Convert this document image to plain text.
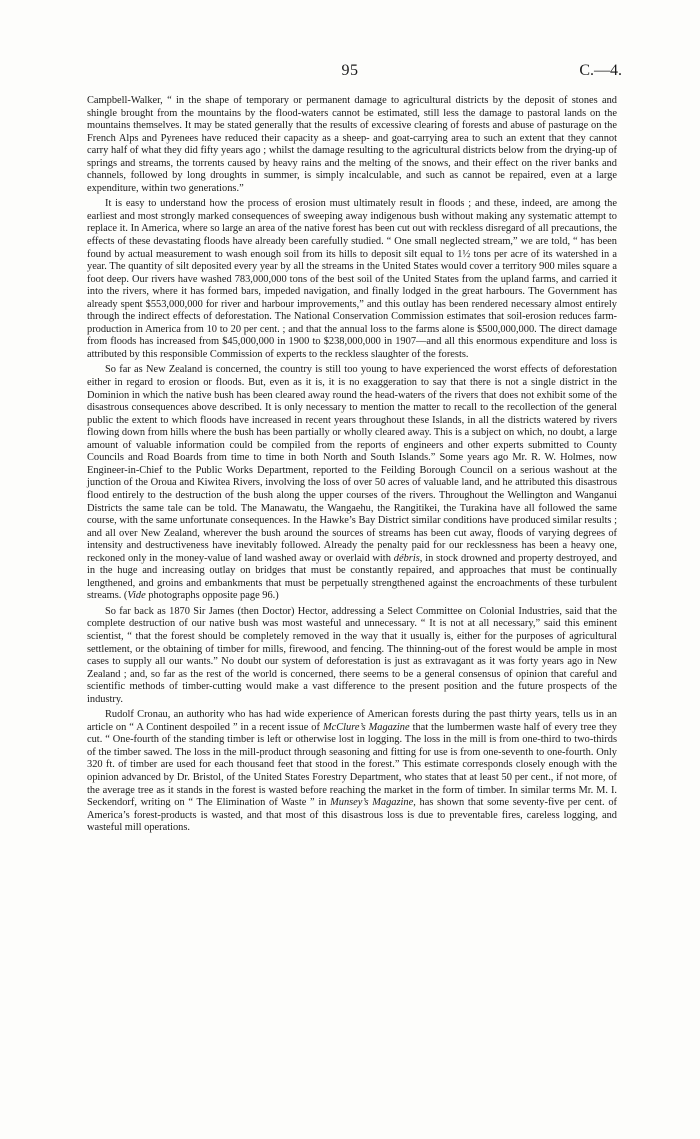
95	C.—4.

Campbell-Walker, “ in the shape of temporary or permanent damage to agricultural districts by the deposit of stones and shingle brought from the mountains by the flood-waters cannot be estimated, still less the damage to pastoral lands on the mountains themselves. It may be stated generally that the results of excessive clearing of forests and abuse of pasturage on the French Alps and Pyrenees have reduced their capacity as a sheep- and goat-carrying area to such an extent that they cannot carry half of what they did fifty years ago ; whilst the damage resulting to the agricultural districts below from the drying-up of springs and streams, the torrents caused by heavy rains and the melting of the snows, and their effect on the river banks and channels, followed by long droughts in summer, is simply incalculable, and such as cannot be repaired, even at a large expenditure, within two generations.”

It is easy to understand how the process of erosion must ultimately result in floods ; and these, indeed, are among the earliest and most strongly marked consequences of sweeping away indigenous bush without making any systematic attempt to replace it. In America, where so large an area of the native forest has been cut out with reckless disregard of all precautions, the effects of these devastating floods have already been carefully studied. “ One small neglected stream,” we are told, “ has been found by actual measurement to wash enough soil from its hills to deposit silt equal to 1½ tons per acre of its watershed in a year. The quantity of silt deposited every year by all the streams in the United States would cover a territory 900 miles square a foot deep. Our rivers have washed 783,000,000 tons of the best soil of the United States from the upland farms, and carried it into the rivers, where it has formed bars, impeded navigation, and finally lodged in the great harbours. The Government has already spent $553,000,000 for river and harbour improvements,” and this outlay has been rendered necessary almost entirely through the indirect effects of deforestation. The National Conservation Commission estimates that soil-erosion reduces farm-production in America from 10 to 20 per cent. ; and that the annual loss to the farms alone is $500,000,000. The direct damage from floods has increased from $45,000,000 in 1900 to $238,000,000 in 1907—and all this enormous expenditure and loss is attributed by this responsible Commission of experts to the reckless slaughter of the forests.

So far as New Zealand is concerned, the country is still too young to have experienced the worst effects of deforestation either in regard to erosion or floods. But, even as it is, it is no exaggeration to say that there is not a single district in the Dominion in which the native bush has been cleared away round the head-waters of the rivers that does not exhibit some of the disastrous consequences above described. It is only necessary to mention the matter to recall to the recollection of the general public the extent to which floods have increased in recent years throughout these Islands, in all the districts watered by rivers flowing down from hills where the bush has been partially or wholly cleared away. This is a subject on which, no doubt, a large amount of valuable information could be compiled from the reports of engineers and other experts submitted to County Councils and Road Boards from time to time in both North and South Islands.” Some years ago Mr. R. W. Holmes, now Engineer-in-Chief to the Public Works Department, reported to the Feilding Borough Council on a serious washout at the junction of the Oroua and Kiwitea Rivers, involving the loss of over 50 acres of valuable land, and he attributed this disastrous flood entirely to the destruction of the bush along the upper courses of the rivers. Throughout the Wellington and Wanganui Districts the same tale can be told. The Manawatu, the Wangaehu, the Rangitikei, the Turakina have all followed the same course, with the same unfortunate consequences. In the Hawke’s Bay District similar conditions have produced similar results ; and all over New Zealand, wherever the bush around the sources of streams has been cut away, floods of varying degrees of intensity and destructiveness have inevitably followed. Already the penalty paid for our recklessness has been a heavy one, reckoned only in the money-value of land washed away or overlaid with débris, in stock drowned and property destroyed, and in the huge and increasing outlay on bridges that must be constantly repaired, and approaches that must be continually lengthened, and groins and embankments that must be perpetually strengthened against the encroachments of these turbulent streams. (Vide photographs opposite page 96.)

So far back as 1870 Sir James (then Doctor) Hector, addressing a Select Committee on Colonial Industries, said that the complete destruction of our native bush was most wasteful and unnecessary. “ It is not at all necessary,” said this eminent scientist, “ that the forest should be completely removed in the way that it usually is, either for the purposes of agricultural settlement, or the obtaining of timber for mills, firewood, and fencing. The thinning-out of the forest would be ample in most cases to supply all our wants.” No doubt our system of deforestation is just as extravagant as it was forty years ago in New Zealand ; and, so far as the rest of the world is concerned, there seems to be a general consensus of opinion that careful and scientific methods of timber-cutting would make a vast difference to the present position and the future prospects of the industry.

Rudolf Cronau, an authority who has had wide experience of American forests during the past thirty years, tells us in an article on “ A Continent despoiled ” in a recent issue of McClure’s Magazine that the lumbermen waste half of every tree they cut. “ One-fourth of the standing timber is left or otherwise lost in logging. The loss in the mill is from one-third to two-thirds of the timber sawed. The loss in the mill-product through seasoning and fitting for use is from one-seventh to one-fourth. Only 320 ft. of timber are used for each thousand feet that stood in the forest.” This estimate corresponds closely enough with the opinion advanced by Dr. Bristol, of the United States Forestry Department, who states that at least 50 per cent., if not more, of the average tree as it stands in the forest is wasted before reaching the market in the form of timber. In similar terms Mr. M. I. Seckendorf, writing on “ The Elimination of Waste ” in Munsey’s Magazine, has shown that some seventy-five per cent. of America’s forest-products is wasted, and that most of this disastrous loss is due to preventable fires, careless logging, and wasteful mill operations.
